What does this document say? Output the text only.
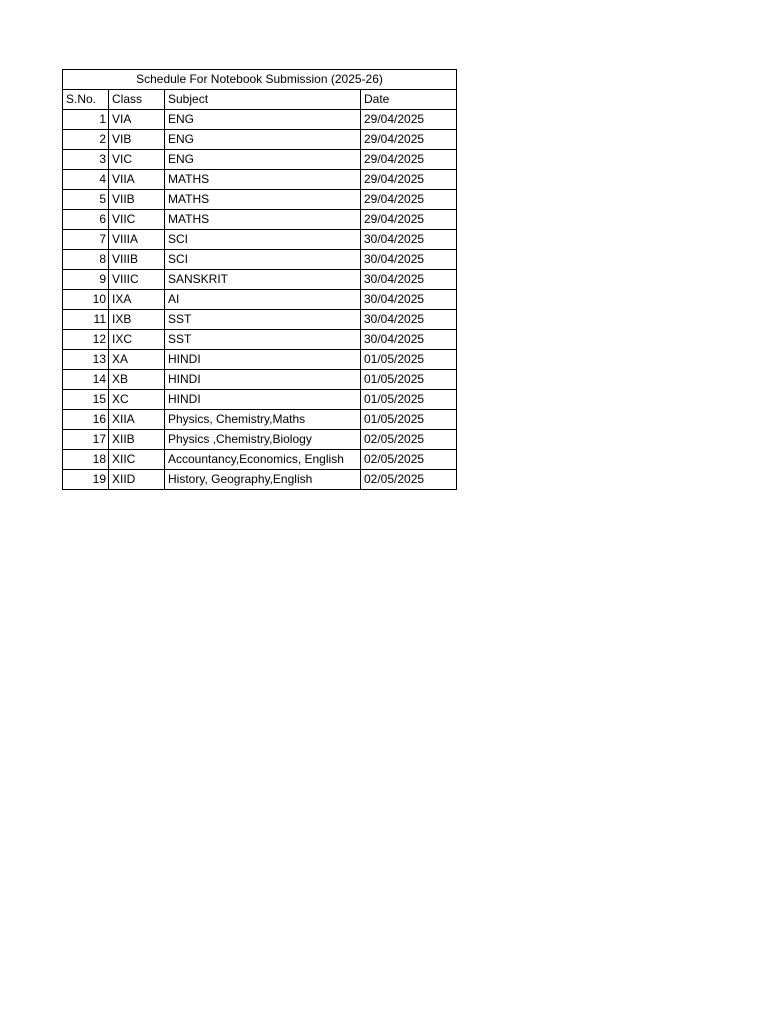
Schedule For Notebook Submission (2025-26)			
S.No.	Class	Subject	Date
1	VIA	ENG	29/04/2025
2	VIB	ENG	29/04/2025
3	VIC	ENG	29/04/2025
4	VIIA	MATHS	29/04/2025
5	VIIB	MATHS	29/04/2025
6	VIIC	MATHS	29/04/2025
7	VIIIA	SCI	30/04/2025
8	VIIIB	SCI	30/04/2025
9	VIIIC	SANSKRIT	30/04/2025
10	IXA	AI	30/04/2025
11	IXB	SST	30/04/2025
12	IXC	SST	30/04/2025
13	XA	HINDI	01/05/2025
14	XB	HINDI	01/05/2025
15	XC	HINDI	01/05/2025
16	XIIA	Physics, Chemistry,Maths	01/05/2025
17	XIIB	Physics ,Chemistry,Biology	02/05/2025
18	XIIC	Accountancy,Economics, English	02/05/2025
19	XIID	History, Geography,English	02/05/2025
